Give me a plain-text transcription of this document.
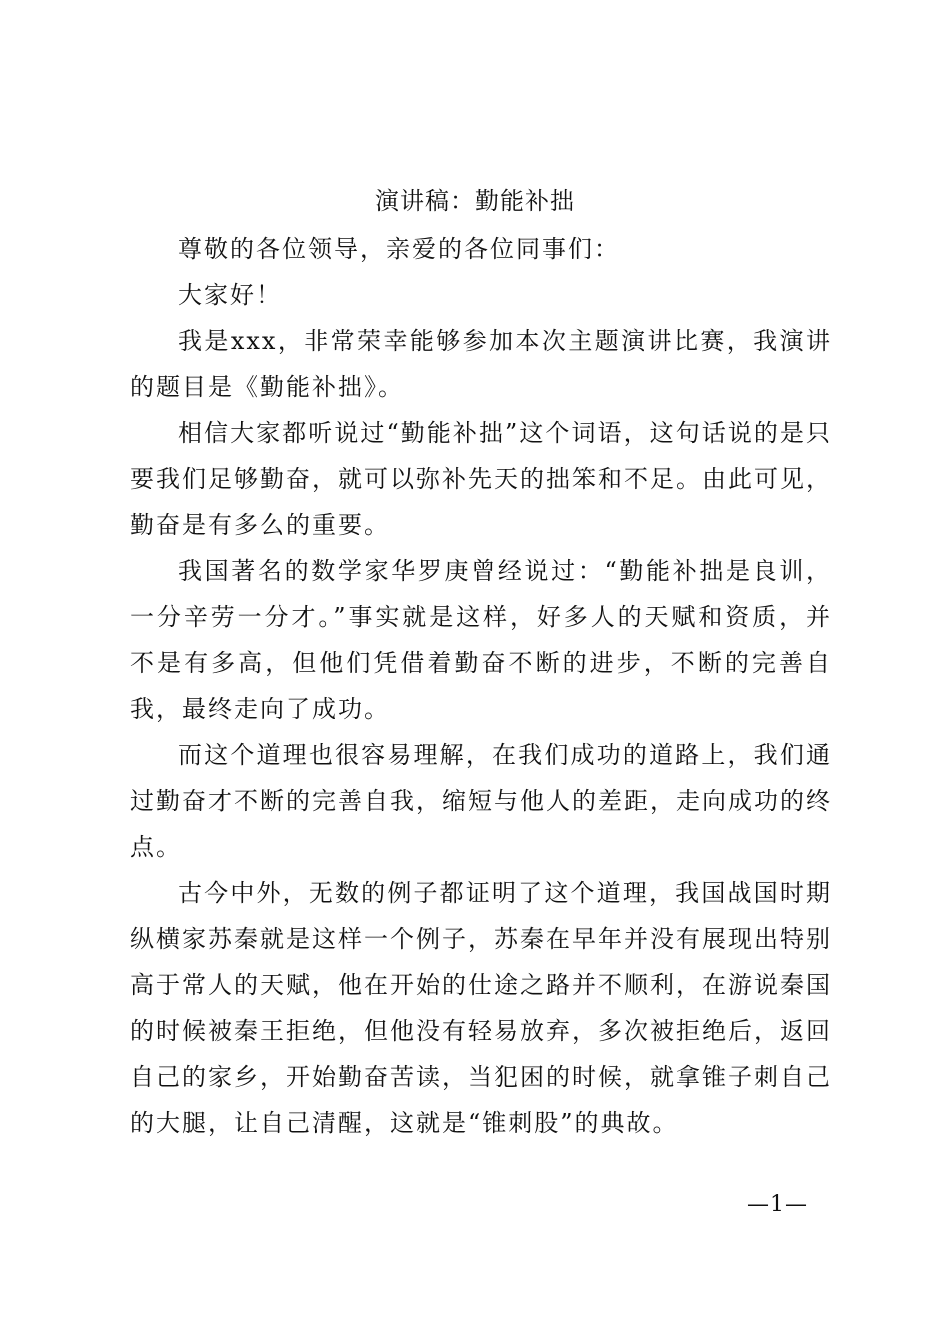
演讲稿：勤能补拙

尊敬的各位领导，亲爱的各位同事们：

大家好！

我是xxx，非常荣幸能够参加本次主题演讲比赛，我演讲的题目是《勤能补拙》。

相信大家都听说过“勤能补拙”这个词语，这句话说的是只要我们足够勤奋，就可以弥补先天的拙笨和不足。由此可见，勤奋是有多么的重要。

我国著名的数学家华罗庚曾经说过：“勤能补拙是良训，一分辛劳一分才。”事实就是这样，好多人的天赋和资质，并不是有多高，但他们凭借着勤奋不断的进步，不断的完善自我，最终走向了成功。

而这个道理也很容易理解，在我们成功的道路上，我们通过勤奋才不断的完善自我，缩短与他人的差距，走向成功的终点。

古今中外，无数的例子都证明了这个道理，我国战国时期纵横家苏秦就是这样一个例子，苏秦在早年并没有展现出特别高于常人的天赋，他在开始的仕途之路并不顺利，在游说秦国的时候被秦王拒绝，但他没有轻易放弃，多次被拒绝后，返回自己的家乡，开始勤奋苦读，当犯困的时候，就拿锥子刺自己的大腿，让自己清醒，这就是“锥刺股”的典故。

—1—
